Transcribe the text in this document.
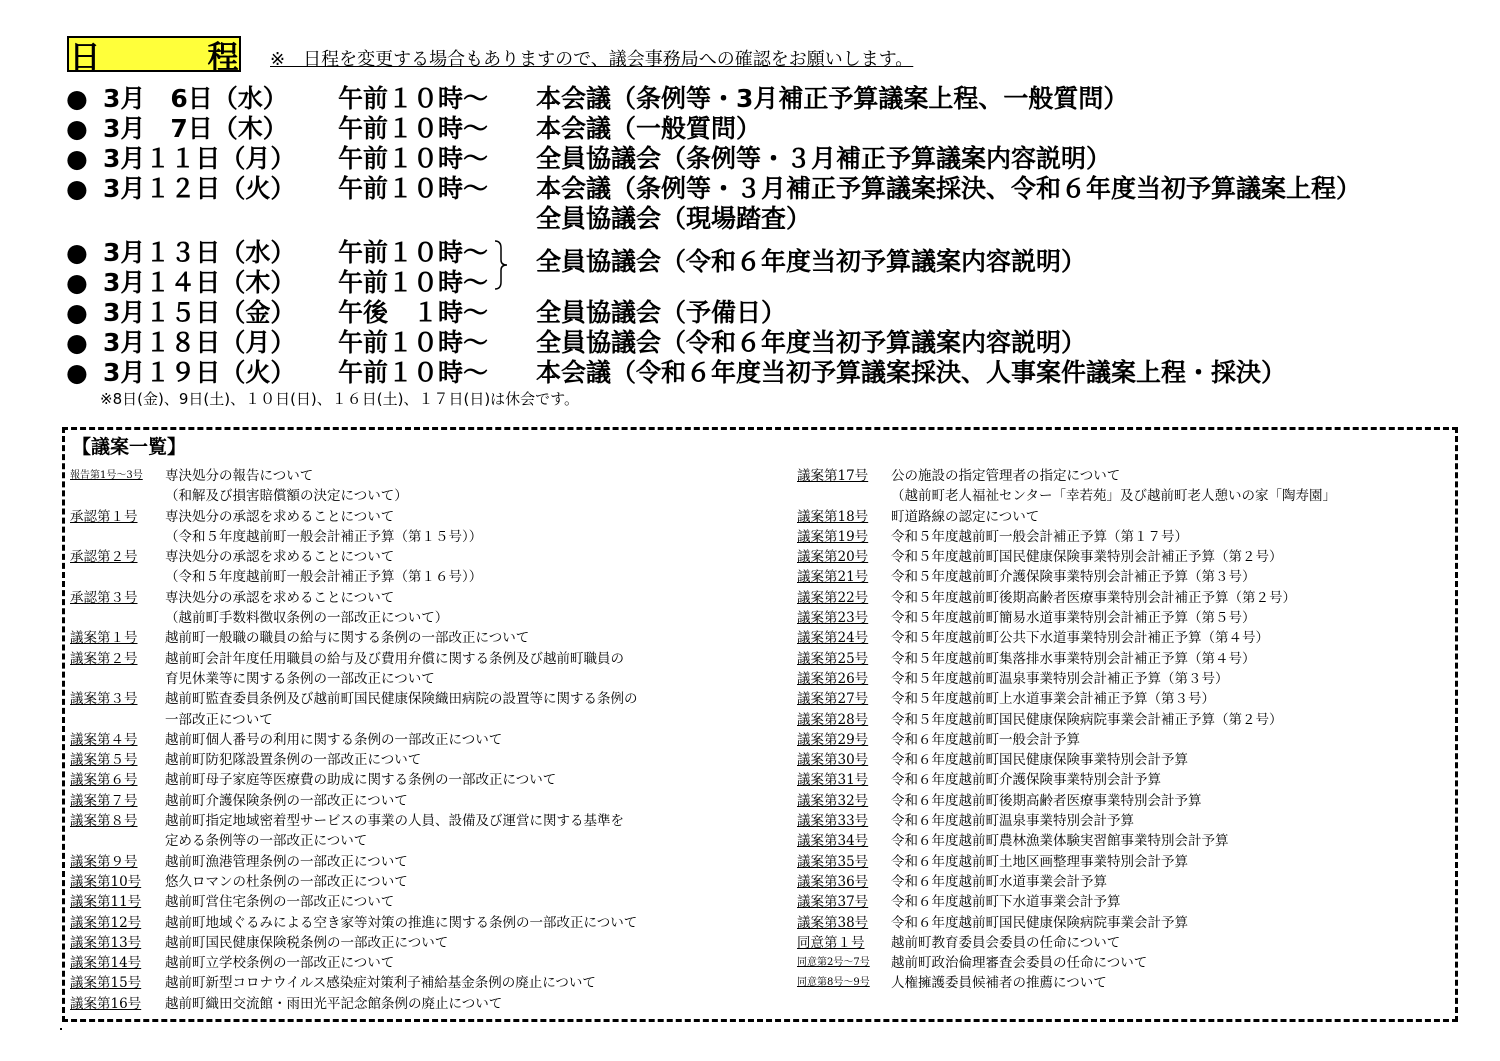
日　程
※　日程を変更する場合もありますので、議会事務局への確認をお願いします。
● 3月　6日（水） 午前１０時～ 本会議（条例等・3月補正予算議案上程、一般質問）
● 3月　7日（木） 午前１０時～ 本会議（一般質問）
● 3月１１日（月） 午前１０時～ 全員協議会（条例等・３月補正予算議案内容説明）
● 3月１２日（火） 午前１０時～ 本会議（条例等・３月補正予算議案採決、令和６年度当初予算議案上程）
全員協議会（現場踏査）
● 3月１３日（水） 午前１０時～
● 3月１４日（木） 午前１０時～
● 3月１５日（金） 午後　１時～ 全員協議会（予備日）
● 3月１８日（月） 午前１０時～ 全員協議会（令和６年度当初予算議案内容説明）
● 3月１９日（火） 午前１０時～ 本会議（令和６年度当初予算議案採決、人事案件議案上程・採決）
全員協議会（令和６年度当初予算議案内容説明）
※8日(金)、9日(土)、１０日(日)、１６日(土)、１７日(日)は休会です。
【議案一覧】
報告第1号～3号 専決処分の報告について
（和解及び損害賠償額の決定について）
承認第１号 専決処分の承認を求めることについて
（令和５年度越前町一般会計補正予算（第１５号））
承認第２号 専決処分の承認を求めることについて
（令和５年度越前町一般会計補正予算（第１６号））
承認第３号 専決処分の承認を求めることについて
（越前町手数料徴収条例の一部改正について）
議案第１号 越前町一般職の職員の給与に関する条例の一部改正について
議案第２号 越前町会計年度任用職員の給与及び費用弁償に関する条例及び越前町職員の
育児休業等に関する条例の一部改正について
議案第３号 越前町監査委員条例及び越前町国民健康保険織田病院の設置等に関する条例の
一部改正について
議案第４号 越前町個人番号の利用に関する条例の一部改正について
議案第５号 越前町防犯隊設置条例の一部改正について
議案第６号 越前町母子家庭等医療費の助成に関する条例の一部改正について
議案第７号 越前町介護保険条例の一部改正について
議案第８号 越前町指定地域密着型サービスの事業の人員、設備及び運営に関する基準を
定める条例等の一部改正について
議案第９号 越前町漁港管理条例の一部改正について
議案第10号 悠久ロマンの杜条例の一部改正について
議案第11号 越前町営住宅条例の一部改正について
議案第12号 越前町地域ぐるみによる空き家等対策の推進に関する条例の一部改正について
議案第13号 越前町国民健康保険税条例の一部改正について
議案第14号 越前町立学校条例の一部改正について
議案第15号 越前町新型コロナウイルス感染症対策利子補給基金条例の廃止について
議案第16号 越前町織田交流館・雨田光平記念館条例の廃止について
議案第17号 公の施設の指定管理者の指定について
（越前町老人福祉センター「幸若苑」及び越前町老人憩いの家「陶寿園」
議案第18号 町道路線の認定について
議案第19号 令和５年度越前町一般会計補正予算（第１７号）
議案第20号 令和５年度越前町国民健康保険事業特別会計補正予算（第２号）
議案第21号 令和５年度越前町介護保険事業特別会計補正予算（第３号）
議案第22号 令和５年度越前町後期高齢者医療事業特別会計補正予算（第２号）
議案第23号 令和５年度越前町簡易水道事業特別会計補正予算（第５号）
議案第24号 令和５年度越前町公共下水道事業特別会計補正予算（第４号）
議案第25号 令和５年度越前町集落排水事業特別会計補正予算（第４号）
議案第26号 令和５年度越前町温泉事業特別会計補正予算（第３号）
議案第27号 令和５年度越前町上水道事業会計補正予算（第３号）
議案第28号 令和５年度越前町国民健康保険病院事業会計補正予算（第２号）
議案第29号 令和６年度越前町一般会計予算
議案第30号 令和６年度越前町国民健康保険事業特別会計予算
議案第31号 令和６年度越前町介護保険事業特別会計予算
議案第32号 令和６年度越前町後期高齢者医療事業特別会計予算
議案第33号 令和６年度越前町温泉事業特別会計予算
議案第34号 令和６年度越前町農林漁業体験実習館事業特別会計予算
議案第35号 令和６年度越前町土地区画整理事業特別会計予算
議案第36号 令和６年度越前町水道事業会計予算
議案第37号 令和６年度越前町下水道事業会計予算
議案第38号 令和６年度越前町国民健康保険病院事業会計予算
同意第１号 越前町教育委員会委員の任命について
同意第2号～7号 越前町政治倫理審査会委員の任命について
同意第8号～9号 人権擁護委員候補者の推薦について
